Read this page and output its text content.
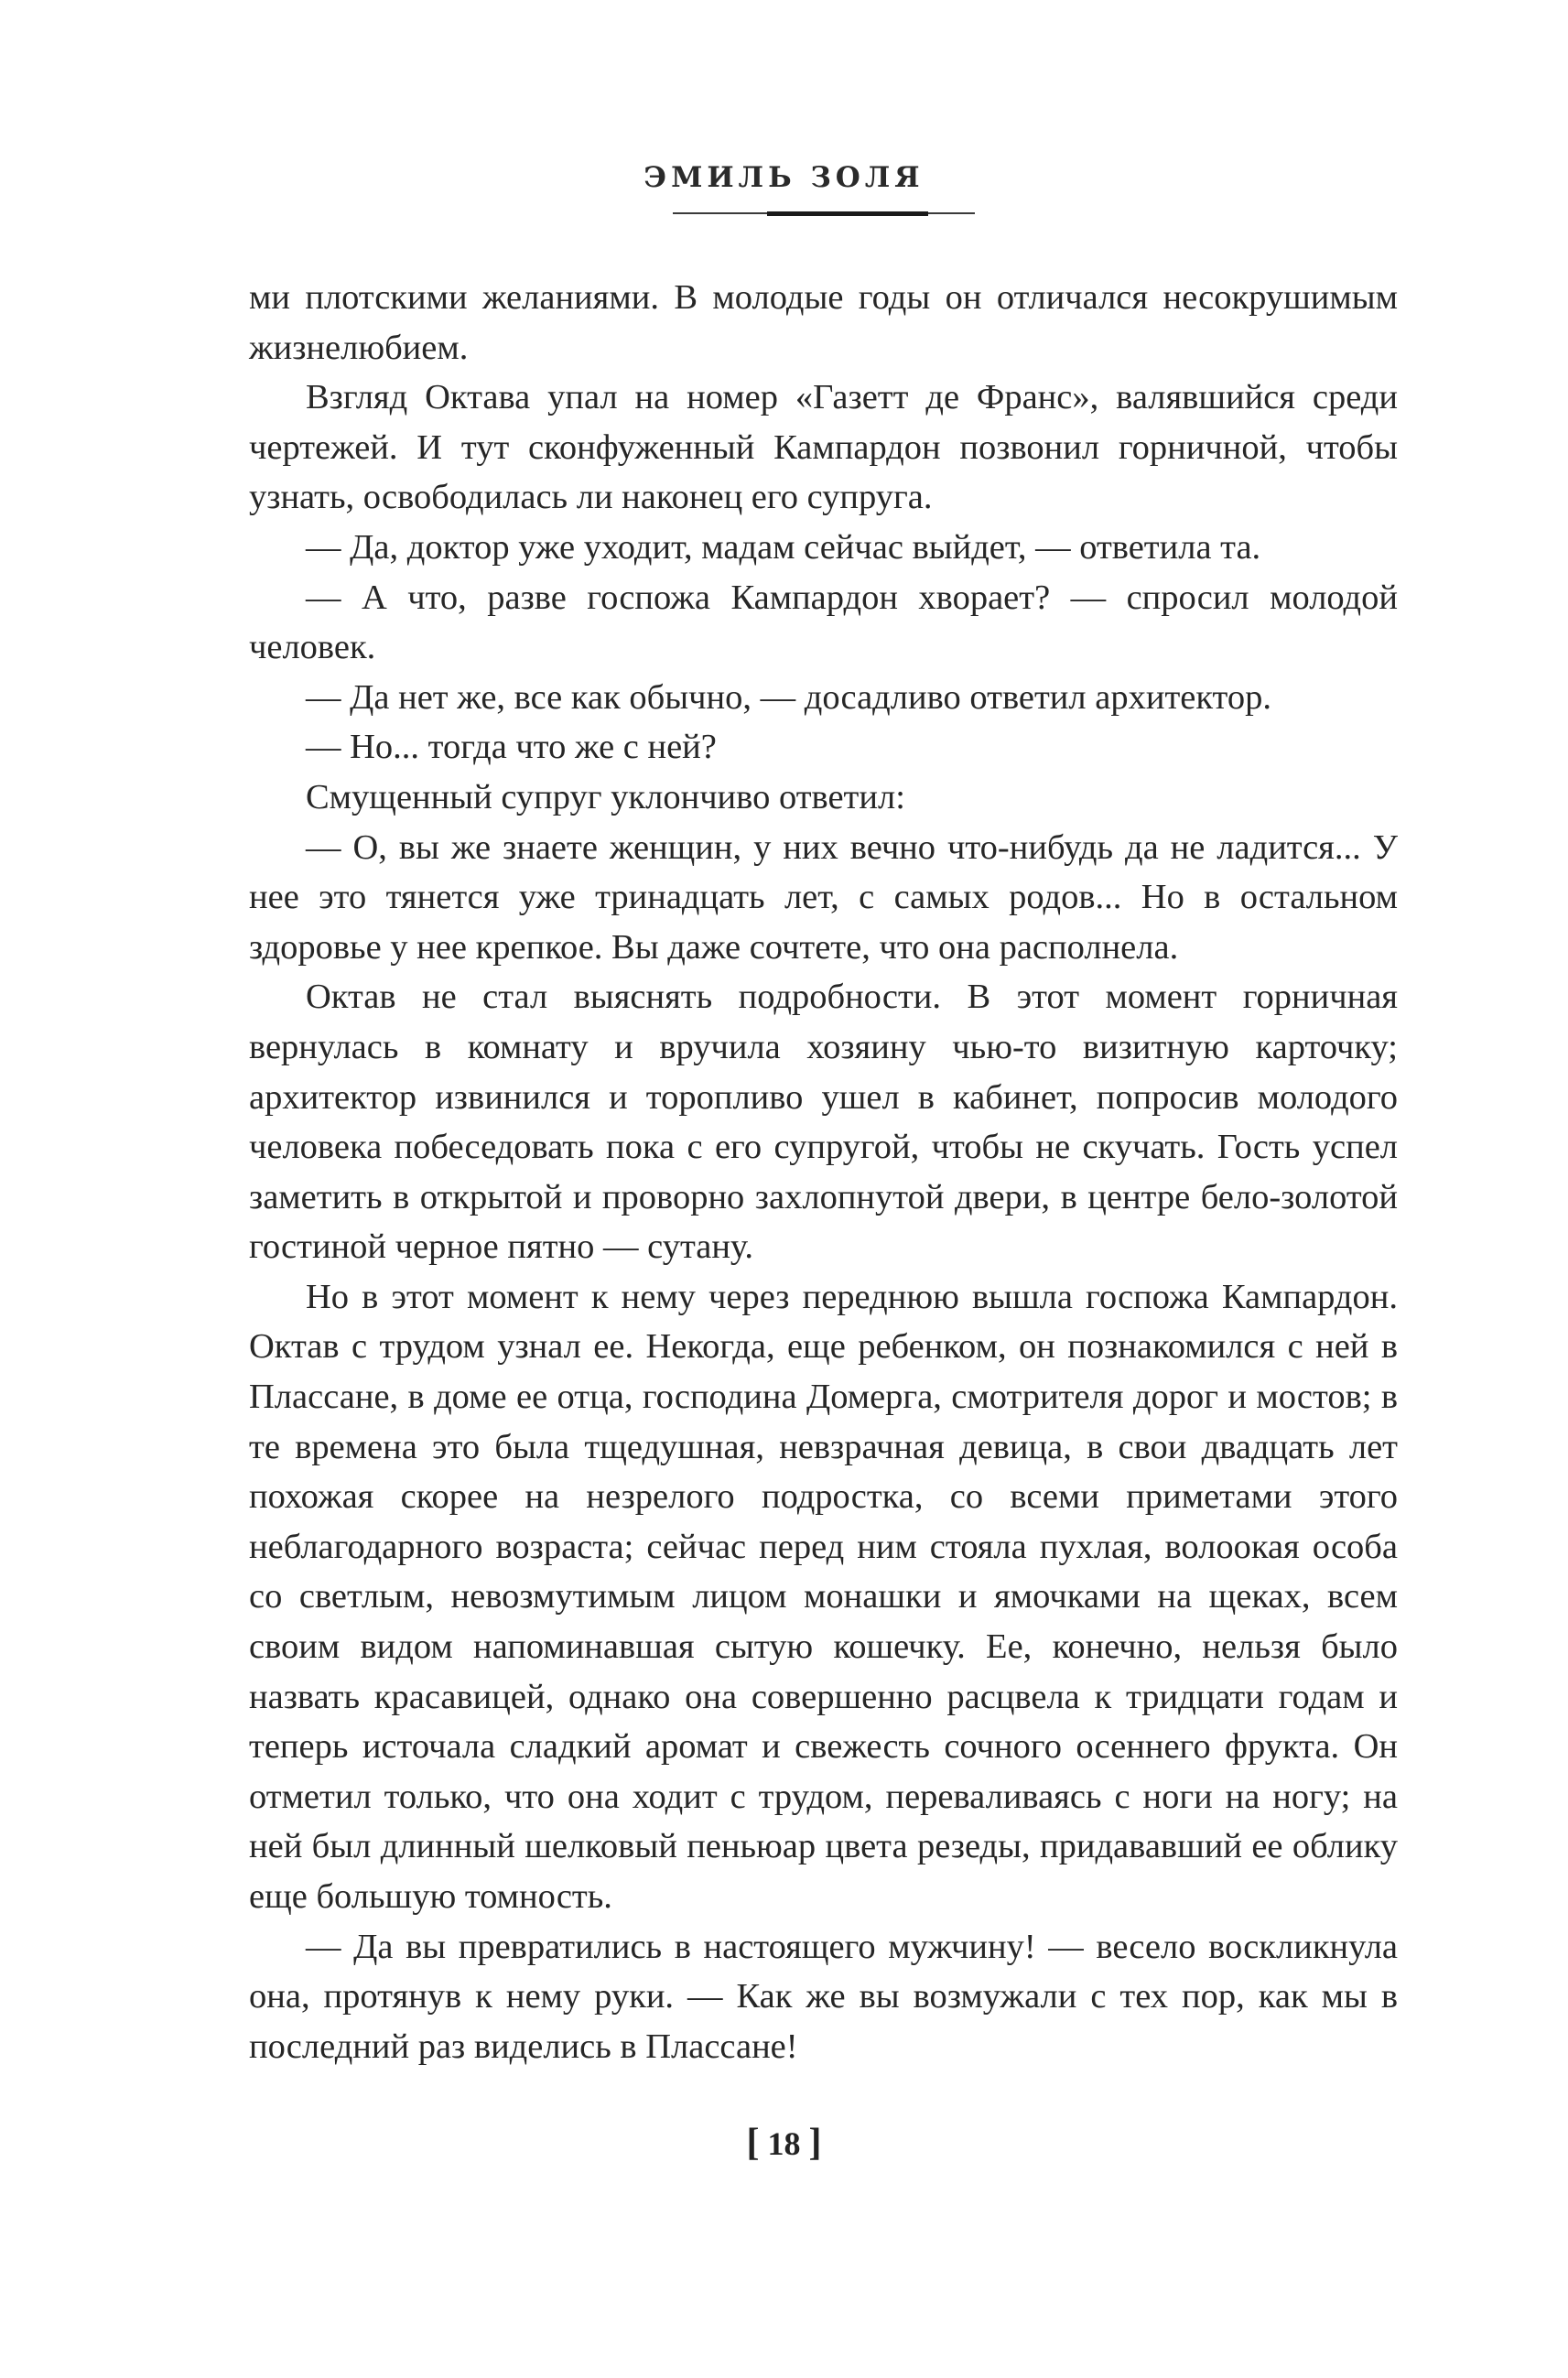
ЭМИЛЬ ЗОЛЯ

ми плотскими желаниями. В молодые годы он отличался несокрушимым жизнелюбием.

Взгляд Октава упал на номер «Газетт де Франс», валявшийся среди чертежей. И тут сконфуженный Кампардон позвонил горничной, чтобы узнать, освободилась ли наконец его супруга.

— Да, доктор уже уходит, мадам сейчас выйдет, — ответила та.

— А что, разве госпожа Кампардон хворает? — спросил молодой человек.

— Да нет же, все как обычно, — досадливо ответил архитектор.

— Но... тогда что же с ней?

Смущенный супруг уклончиво ответил:

— О, вы же знаете женщин, у них вечно что-нибудь да не ладится... У нее это тянется уже тринадцать лет, с самых родов... Но в остальном здоровье у нее крепкое. Вы даже сочтете, что она располнела.

Октав не стал выяснять подробности. В этот момент горничная вернулась в комнату и вручила хозяину чью-то визитную карточку; архитектор извинился и торопливо ушел в кабинет, попросив молодого человека побеседовать пока с его супругой, чтобы не скучать. Гость успел заметить в открытой и проворно захлопнутой двери, в центре бело-золотой гостиной черное пятно — сутану.

Но в этот момент к нему через переднюю вышла госпожа Кампардон. Октав с трудом узнал ее. Некогда, еще ребенком, он познакомился с ней в Плассане, в доме ее отца, господина Домерга, смотрителя дорог и мостов; в те времена это была тщедушная, невзрачная девица, в свои двадцать лет похожая скорее на незрелого подростка, со всеми приметами этого неблагодарного возраста; сейчас перед ним стояла пухлая, волоокая особа со светлым, невозмутимым лицом монашки и ямочками на щеках, всем своим видом напоминавшая сытую кошечку. Ее, конечно, нельзя было назвать красавицей, однако она совершенно расцвела к тридцати годам и теперь источала сладкий аромат и свежесть сочного осеннего фрукта. Он отметил только, что она ходит с трудом, переваливаясь с ноги на ногу; на ней был длинный шелковый пеньюар цвета резеды, придававший ее облику еще большую томность.

— Да вы превратились в настоящего мужчину! — весело воскликнула она, протянув к нему руки. — Как же вы возмужали с тех пор, как мы в последний раз виделись в Плассане!

[ 18 ]
